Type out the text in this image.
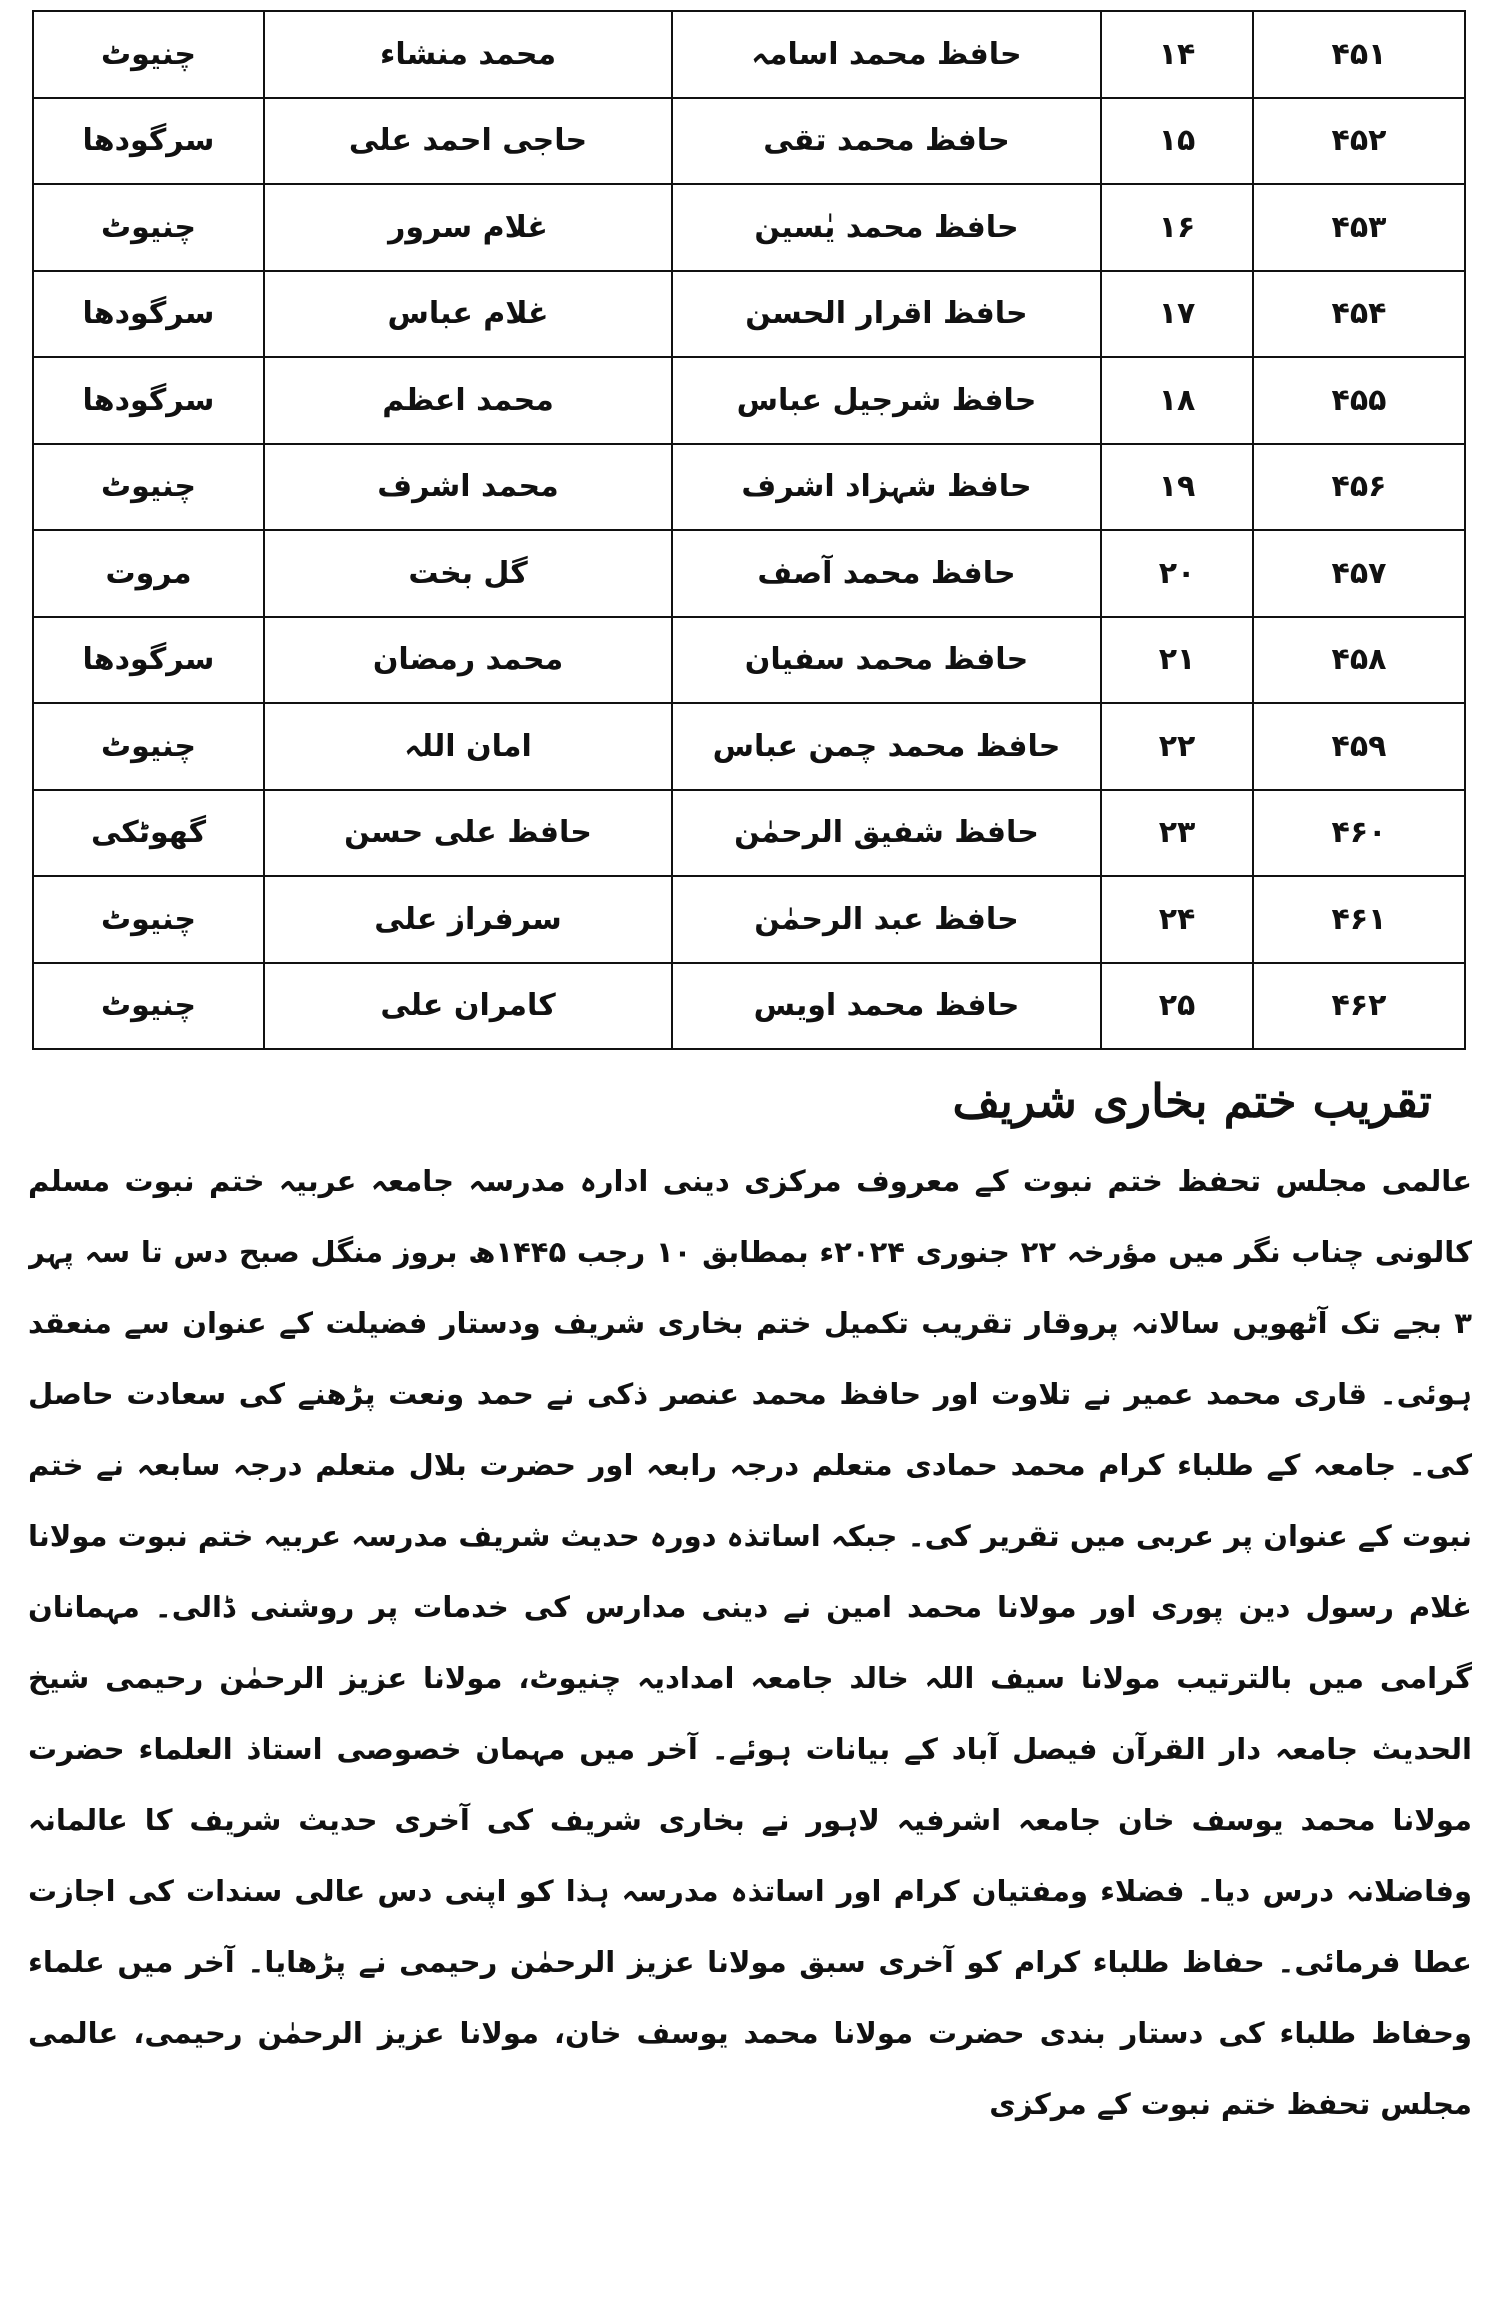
۴۵۱	۱۴	حافظ محمد اسامہ	محمد منشاء	چنیوٹ
۴۵۲	۱۵	حافظ محمد تقی	حاجی احمد علی	سرگودھا
۴۵۳	۱۶	حافظ محمد یٰسین	غلام سرور	چنیوٹ
۴۵۴	۱۷	حافظ اقرار الحسن	غلام عباس	سرگودھا
۴۵۵	۱۸	حافظ شرجیل عباس	محمد اعظم	سرگودھا
۴۵۶	۱۹	حافظ شہزاد اشرف	محمد اشرف	چنیوٹ
۴۵۷	۲۰	حافظ محمد آصف	گل بخت	مروت
۴۵۸	۲۱	حافظ محمد سفیان	محمد رمضان	سرگودھا
۴۵۹	۲۲	حافظ محمد چمن عباس	امان اللہ	چنیوٹ
۴۶۰	۲۳	حافظ شفیق الرحمٰن	حافظ علی حسن	گھوٹکی
۴۶۱	۲۴	حافظ عبد الرحمٰن	سرفراز علی	چنیوٹ
۴۶۲	۲۵	حافظ محمد اویس	کامران علی	چنیوٹ
تقریب ختم بخاری شریف

عالمی مجلس تحفظ ختم نبوت کے معروف مرکزی دینی ادارہ مدرسہ جامعہ عربیہ ختم نبوت مسلم کالونی چناب نگر میں مؤرخہ ۲۲ جنوری ۲۰۲۴ء بمطابق ۱۰ رجب ۱۴۴۵ھ بروز منگل صبح دس تا سہ پہر ۳ بجے تک آٹھویں سالانہ پروقار تقریب تکمیل ختم بخاری شریف ودستار فضیلت کے عنوان سے منعقد ہوئی۔ قاری محمد عمیر نے تلاوت اور حافظ محمد عنصر ذکی نے حمد ونعت پڑھنے کی سعادت حاصل کی۔ جامعہ کے طلباء کرام محمد حمادی متعلم درجہ رابعہ اور حضرت بلال متعلم درجہ سابعہ نے ختم نبوت کے عنوان پر عربی میں تقریر کی۔ جبکہ اساتذہ دورہ حدیث شریف مدرسہ عربیہ ختم نبوت مولانا غلام رسول دین پوری اور مولانا محمد امین نے دینی مدارس کی خدمات پر روشنی ڈالی۔ مہمانان گرامی میں بالترتیب مولانا سیف اللہ خالد جامعہ امدادیہ چنیوٹ، مولانا عزیز الرحمٰن رحیمی شیخ الحدیث جامعہ دار القرآن فیصل آباد کے بیانات ہوئے۔ آخر میں مہمان خصوصی استاذ العلماء حضرت مولانا محمد یوسف خان جامعہ اشرفیہ لاہور نے بخاری شریف کی آخری حدیث شریف کا عالمانہ وفاضلانہ درس دیا۔ فضلاء ومفتیان کرام اور اساتذہ مدرسہ ہذا کو اپنی دس عالی سندات کی اجازت عطا فرمائی۔ حفاظ طلباء کرام کو آخری سبق مولانا عزیز الرحمٰن رحیمی نے پڑھایا۔ آخر میں علماء وحفاظ طلباء کی دستار بندی حضرت مولانا محمد یوسف خان، مولانا عزیز الرحمٰن رحیمی، عالمی مجلس تحفظ ختم نبوت کے مرکزی
